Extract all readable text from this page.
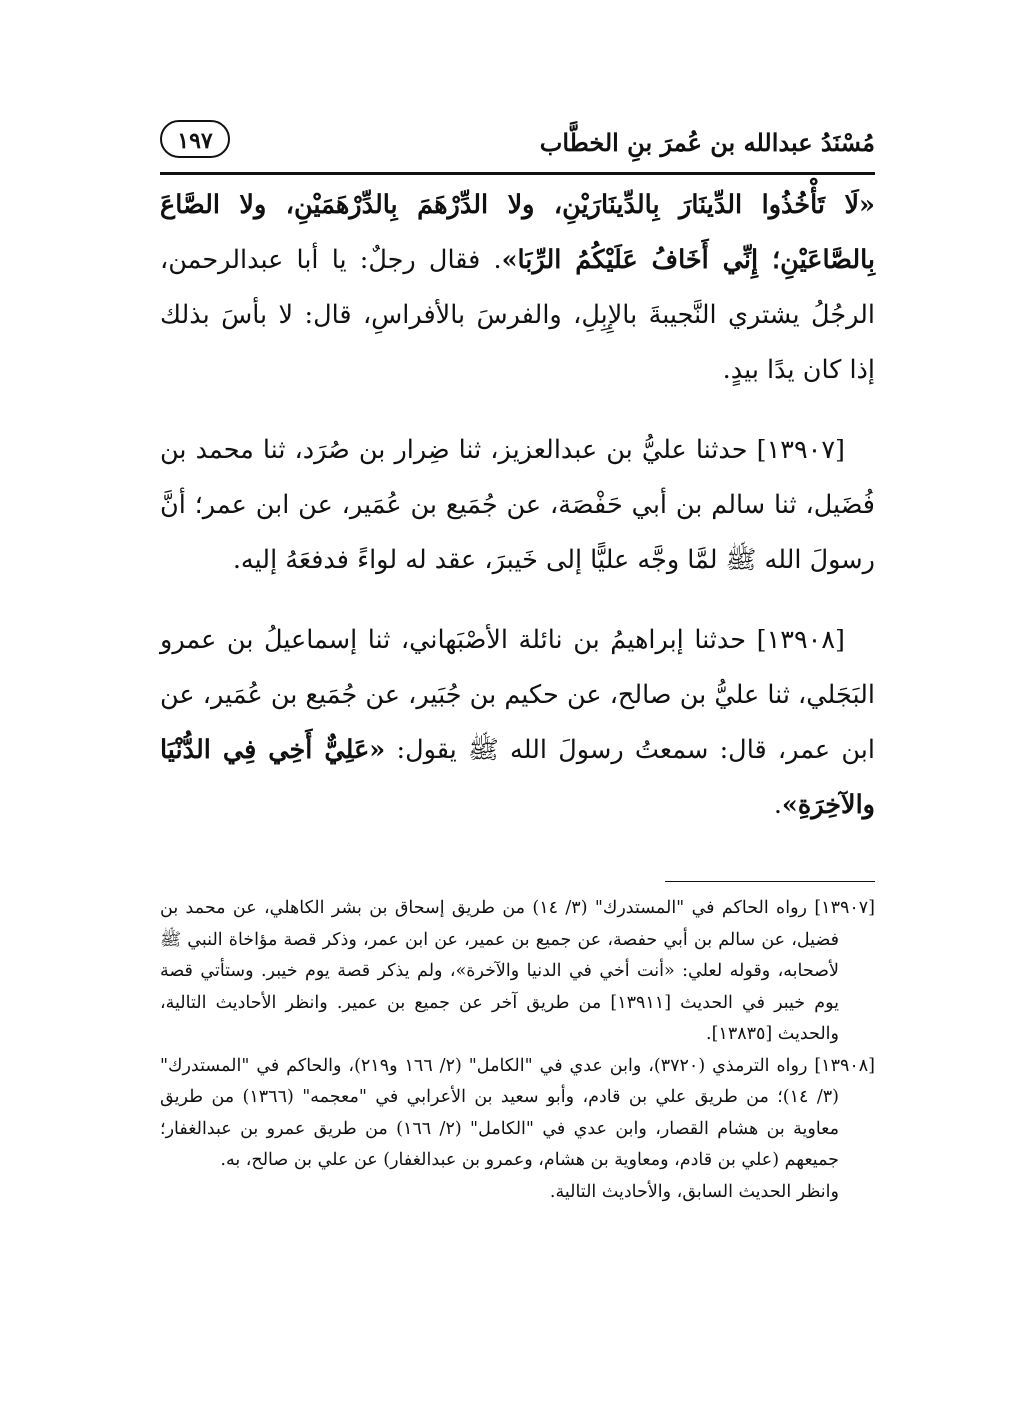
مُسْنَدُ عبدالله بن عُمرَ بنِ الخطَّاب
١٩٧

«لَا تَأْخُذُوا الدِّينَارَ بِالدِّينَارَيْنِ، ولا الدِّرْهَمَ بِالدِّرْهَمَيْنِ، ولا الصَّاعَ بِالصَّاعَيْنِ؛ إِنِّي أَخَافُ عَلَيْكُمُ الرِّبَا». فقال رجلٌ: يا أبا عبدالرحمن، الرجُلُ يشتري النَّجيبةَ بالإِبِلِ، والفرسَ بالأفراسِ، قال: لا بأسَ بذلك إذا كان يدًا بيدٍ.

[١٣٩٠٧] حدثنا عليُّ بن عبدالعزيز، ثنا ضِرار بن صُرَد، ثنا محمد بن فُضَيل، ثنا سالم بن أبي حَفْصَة، عن جُمَيع بن عُمَير، عن ابن عمر؛ أنَّ رسولَ الله ﷺ لمَّا وجَّه عليًّا إلى خَيبرَ، عقد له لواءً فدفعَهُ إليه.

[١٣٩٠٨] حدثنا إبراهيمُ بن نائلة الأصْبَهاني، ثنا إسماعيلُ بن عمرو البَجَلي، ثنا عليُّ بن صالح، عن حكيم بن جُبَير، عن جُمَيع بن عُمَير، عن ابن عمر، قال: سمعتُ رسولَ الله ﷺ يقول: «عَلِيٌّ أَخِي فِي الدُّنْيَا والآخِرَةِ».

[١٣٩٠٧] رواه الحاكم في "المستدرك" (٣/ ١٤) من طريق إسحاق بن بشر الكاهلي، عن محمد بن فضيل، عن سالم بن أبي حفصة، عن جميع بن عمير، عن ابن عمر، وذكر قصة مؤاخاة النبي ﷺ لأصحابه، وقوله لعلي: «أنت أخي في الدنيا والآخرة»، ولم يذكر قصة يوم خيبر. وستأتي قصة يوم خيبر في الحديث [١٣٩١١] من طريق آخر عن جميع بن عمير. وانظر الأحاديث التالية، والحديث [١٣٨٣٥].

[١٣٩٠٨] رواه الترمذي (٣٧٢٠)، وابن عدي في "الكامل" (٢/ ١٦٦ و٢١٩)، والحاكم في "المستدرك" (٣/ ١٤)؛ من طريق علي بن قادم، وأبو سعيد بن الأعرابي في "معجمه" (١٣٦٦) من طريق معاوية بن هشام القصار، وابن عدي في "الكامل" (٢/ ١٦٦) من طريق عمرو بن عبدالغفار؛ جميعهم (علي بن قادم، ومعاوية بن هشام، وعمرو بن عبدالغفار) عن علي بن صالح، به.

وانظر الحديث السابق، والأحاديث التالية.
